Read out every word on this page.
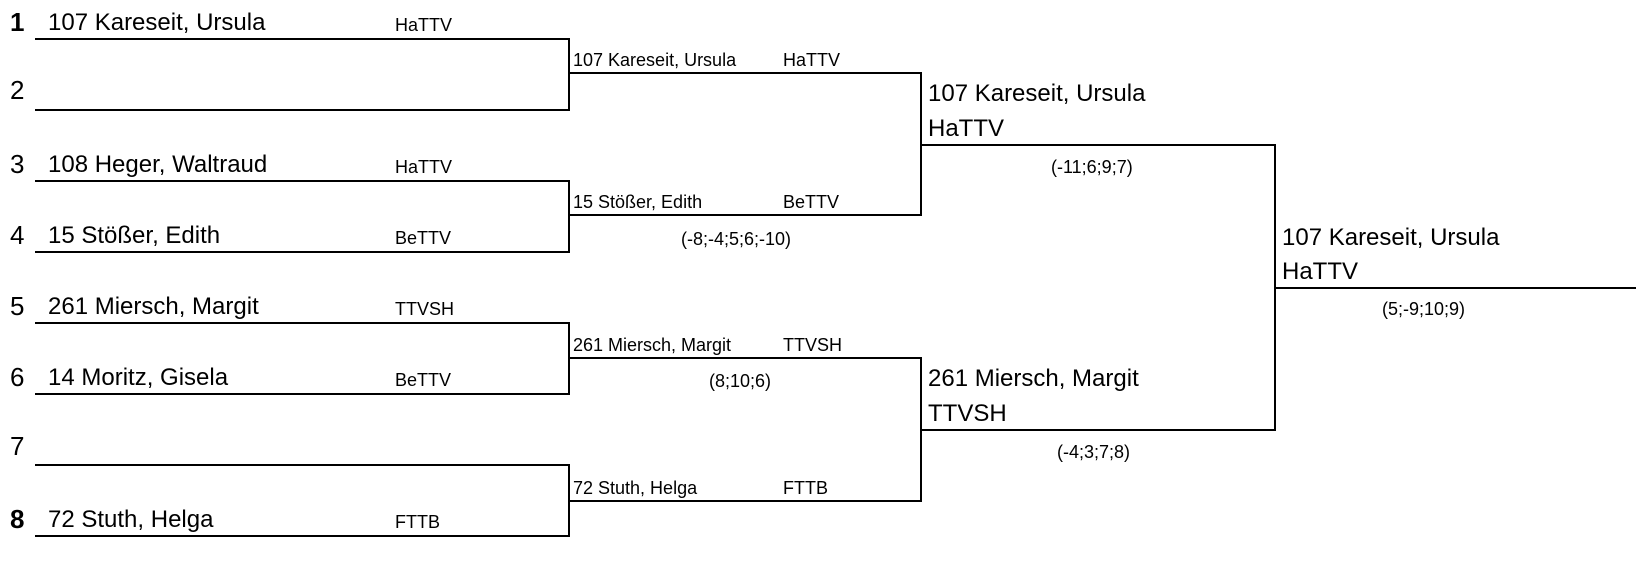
1
2
3
4
5
6
7
8
107 Kareseit, Ursula
108 Heger, Waltraud
15 Stößer, Edith
261 Miersch, Margit
14 Moritz, Gisela
72 Stuth, Helga
HaTTV
HaTTV
BeTTV
TTVSH
BeTTV
FTTB
107 Kareseit, Ursula	HaTTV
15 Stößer, Edith	BeTTV
261 Miersch, Margit	TTVSH
72 Stuth, Helga	FTTB
(-8;-4;5;6;-10)
(8;10;6)
107 Kareseit, Ursula
HaTTV
261 Miersch, Margit
TTVSH
(-11;6;9;7)
(-4;3;7;8)
107 Kareseit, Ursula
HaTTV
(5;-9;10;9)
